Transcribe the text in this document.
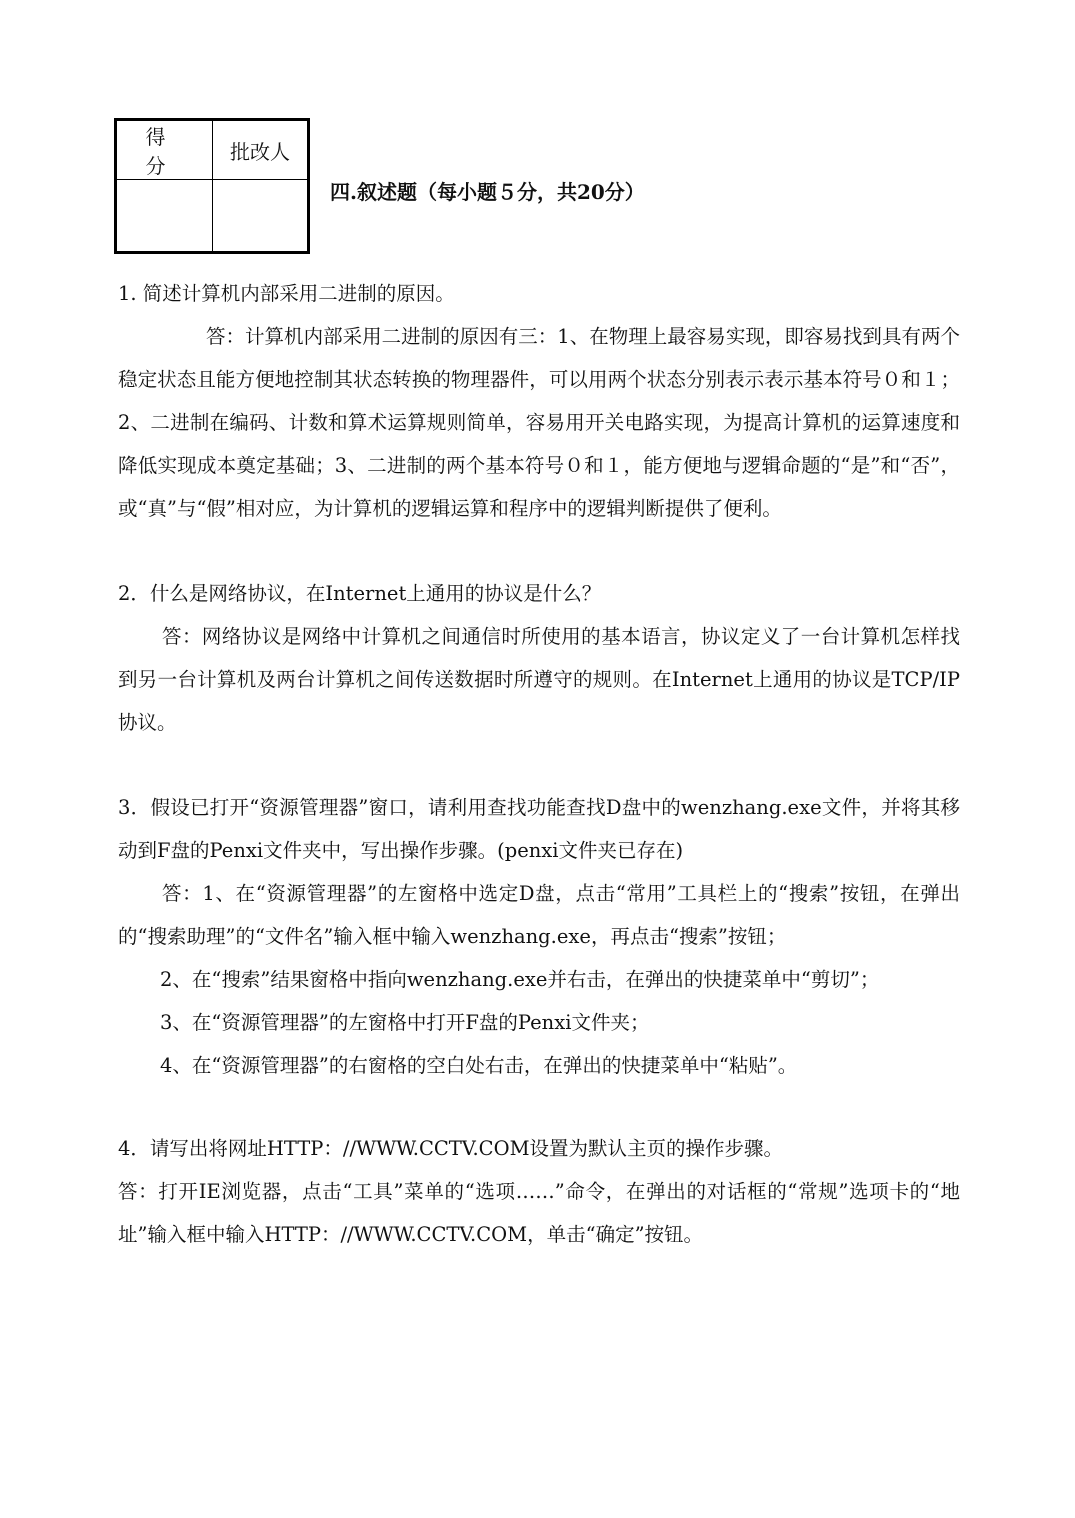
得 分	批改人

四.叙述题（每小题５分，共20分）

1. 简述计算机内部采用二进制的原因。

答：计算机内部采用二进制的原因有三：1、在物理上最容易实现，即容易找到具有两个稳定状态且能方便地控制其状态转换的物理器件，可以用两个状态分别表示表示基本符号０和１；2、二进制在编码、计数和算术运算规则简单，容易用开关电路实现，为提高计算机的运算速度和降低实现成本奠定基础；3、二进制的两个基本符号０和１，能方便地与逻辑命题的“是”和“否”，或“真”与“假”相对应，为计算机的逻辑运算和程序中的逻辑判断提供了便利。

2．什么是网络协议，在Internet上通用的协议是什么？

答：网络协议是网络中计算机之间通信时所使用的基本语言，协议定义了一台计算机怎样找到另一台计算机及两台计算机之间传送数据时所遵守的规则。在Internet上通用的协议是TCP/IP协议。

3．假设已打开“资源管理器”窗口，请利用查找功能查找D盘中的wenzhang.exe文件，并将其移动到F盘的Penxi文件夹中，写出操作步骤。(penxi文件夹已存在)

答：1、在“资源管理器”的左窗格中选定D盘，点击“常用”工具栏上的“搜索”按钮，在弹出的“搜索助理”的“文件名”输入框中输入wenzhang.exe，再点击“搜索”按钮；

2、在“搜索”结果窗格中指向wenzhang.exe并右击，在弹出的快捷菜单中“剪切”；

3、在“资源管理器”的左窗格中打开F盘的Penxi文件夹；

4、在“资源管理器”的右窗格的空白处右击，在弹出的快捷菜单中“粘贴”。

4．请写出将网址HTTP：//WWW.CCTV.COM设置为默认主页的操作步骤。

答：打开IE浏览器，点击“工具”菜单的“选项……”命令，在弹出的对话框的“常规”选项卡的“地址”输入框中输入HTTP：//WWW.CCTV.COM，单击“确定”按钮。
